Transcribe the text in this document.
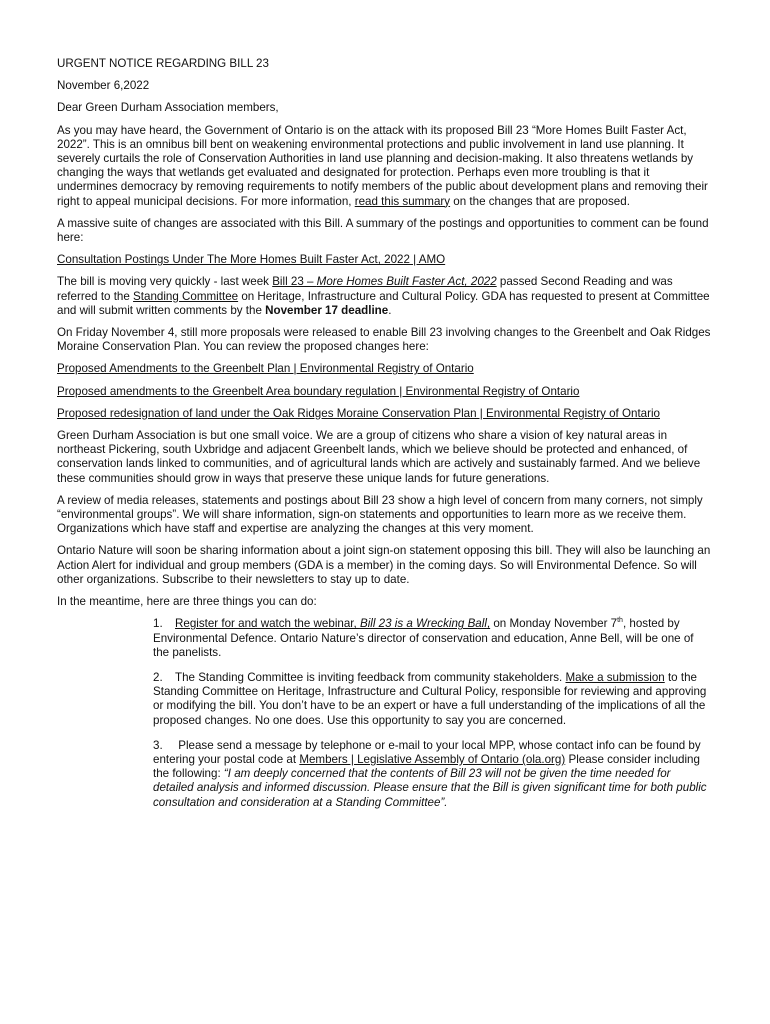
URGENT NOTICE REGARDING BILL 23

November 6,2022

Dear Green Durham Association members,

As you may have heard, the Government of Ontario is on the attack with its proposed Bill 23 “More Homes Built Faster Act, 2022”. This is an omnibus bill bent on weakening environmental protections and public involvement in land use planning. It severely curtails the role of Conservation Authorities in land use planning and decision-making. It also threatens wetlands by changing the ways that wetlands get evaluated and designated for protection. Perhaps even more troubling is that it undermines democracy by removing requirements to notify members of the public about development plans and removing their right to appeal municipal decisions. For more information, read this summary on the changes that are proposed.

A massive suite of changes are associated with this Bill. A summary of the postings and opportunities to comment can be found here:

Consultation Postings Under The More Homes Built Faster Act, 2022 | AMO

The bill is moving very quickly - last week Bill 23 – More Homes Built Faster Act, 2022 passed Second Reading and was referred to the Standing Committee on Heritage, Infrastructure and Cultural Policy. GDA has requested to present at Committee and will submit written comments by the November 17 deadline.

On Friday November 4, still more proposals were released to enable Bill 23 involving changes to the Greenbelt and Oak Ridges Moraine Conservation Plan. You can review the proposed changes here:

Proposed Amendments to the Greenbelt Plan | Environmental Registry of Ontario

Proposed amendments to the Greenbelt Area boundary regulation | Environmental Registry of Ontario

Proposed redesignation of land under the Oak Ridges Moraine Conservation Plan | Environmental Registry of Ontario

Green Durham Association is but one small voice. We are a group of citizens who share a vision of key natural areas in northeast Pickering, south Uxbridge and adjacent Greenbelt lands, which we believe should be protected and enhanced, of conservation lands linked to communities, and of agricultural lands which are actively and sustainably farmed. And we believe these communities should grow in ways that preserve these unique lands for future generations.

A review of media releases, statements and postings about Bill 23 show a high level of concern from many corners, not simply “environmental groups”. We will share information, sign-on statements and opportunities to learn more as we receive them. Organizations which have staff and expertise are analyzing the changes at this very moment.

Ontario Nature will soon be sharing information about a joint sign-on statement opposing this bill. They will also be launching an Action Alert for individual and group members (GDA is a member) in the coming days. So will Environmental Defence. So will other organizations. Subscribe to their newsletters to stay up to date.

In the meantime, here are three things you can do:

1. Register for and watch the webinar, Bill 23 is a Wrecking Ball, on Monday November 7th, hosted by Environmental Defence. Ontario Nature’s director of conservation and education, Anne Bell, will be one of the panelists.

2. The Standing Committee is inviting feedback from community stakeholders. Make a submission to the Standing Committee on Heritage, Infrastructure and Cultural Policy, responsible for reviewing and approving or modifying the bill. You don’t have to be an expert or have a full understanding of the implications of all the proposed changes. No one does. Use this opportunity to say you are concerned.

3. Please send a message by telephone or e-mail to your local MPP, whose contact info can be found by entering your postal code at Members | Legislative Assembly of Ontario (ola.org) Please consider including the following: “I am deeply concerned that the contents of Bill 23 will not be given the time needed for detailed analysis and informed discussion. Please ensure that the Bill is given significant time for both public consultation and consideration at a Standing Committee”.
